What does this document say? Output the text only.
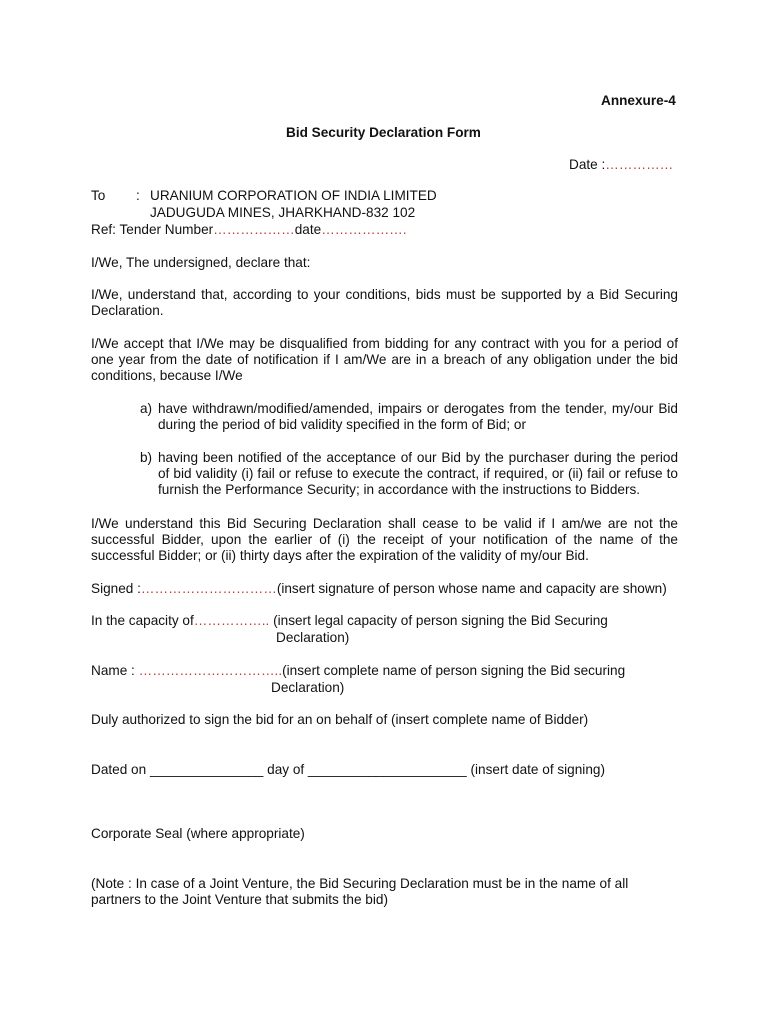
Annexure-4
Bid Security Declaration Form
Date :……………
To : URANIUM CORPORATION OF INDIA LIMITED
JADUGUDA MINES, JHARKHAND-832 102
Ref: Tender Number………………date……………….
I/We, The undersigned, declare that:
I/We, understand that, according to your conditions, bids must be supported by a Bid Securing Declaration.
I/We accept that I/We may be disqualified from bidding for any contract with you for a period of one year from the date of notification if I am/We are in a breach of any obligation under the bid conditions, because I/We
a) have withdrawn/modified/amended, impairs or derogates from the tender, my/our Bid during the period of bid validity specified in the form of Bid; or
b) having been notified of the acceptance of our Bid by the purchaser during the period of bid validity (i) fail or refuse to execute the contract, if required, or (ii) fail or refuse to furnish the Performance Security; in accordance with the instructions to Bidders.
I/We understand this Bid Securing Declaration shall cease to be valid if I am/we are not the successful Bidder, upon the earlier of (i) the receipt of your notification of the name of the successful Bidder; or (ii) thirty days after the expiration of the validity of my/our Bid.
Signed :…………………………(insert signature of person whose name and capacity are shown)
In the capacity of…………….. (insert legal capacity of person signing the Bid Securing
Declaration)
Name : …………………………..(insert complete name of person signing the Bid securing
Declaration)
Duly authorized to sign the bid for an on behalf of (insert complete name of Bidder)
Dated on _______________ day of _____________________ (insert date of signing)
Corporate Seal (where appropriate)
(Note : In case of a Joint Venture, the Bid Securing Declaration must be in the name of all
partners to the Joint Venture that submits the bid)
